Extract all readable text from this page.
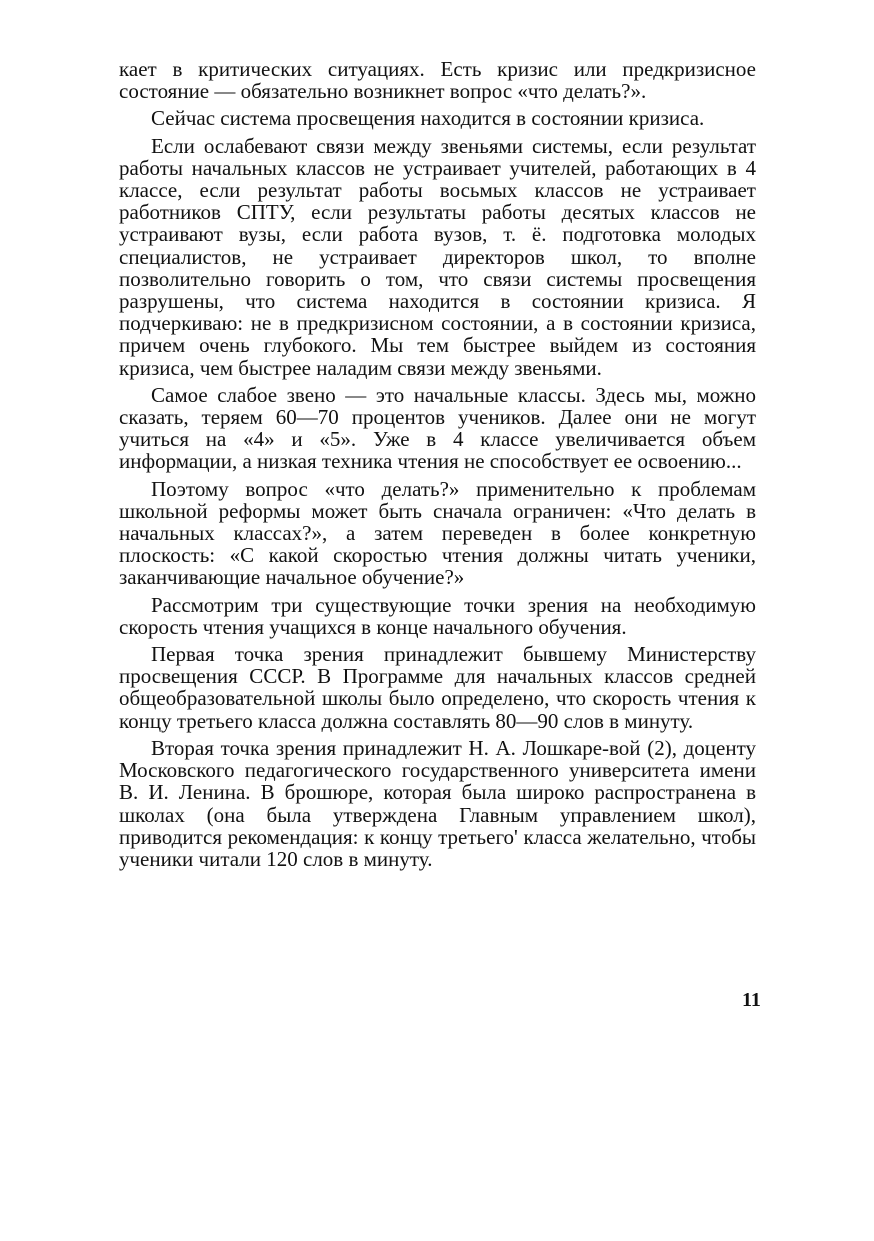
кает в критических ситуациях. Есть кризис или предкризисное состояние — обязательно возникнет вопрос «что делать?».

Сейчас система просвещения находится в состоянии кризиса.

Если ослабевают связи между звеньями системы, если результат работы начальных классов не устраивает учителей, работающих в 4 классе, если результат работы восьмых классов не устраивает работников СПТУ, если результаты работы десятых классов не устраивают вузы, если работа вузов, т. ё. подготовка молодых специалистов, не устраивает директоров школ, то вполне позволительно говорить о том, что связи системы просвещения разрушены, что система находится в состоянии кризиса. Я подчеркиваю: не в предкризисном состоянии, а в состоянии кризиса, причем очень глубокого. Мы тем быстрее выйдем из состояния кризиса, чем быстрее наладим связи между звеньями.

Самое слабое звено — это начальные классы. Здесь мы, можно сказать, теряем 60—70 процентов учеников. Далее они не могут учиться на «4» и «5». Уже в 4 классе увеличивается объем информации, а низкая техника чтения не способствует ее освоению...

Поэтому вопрос «что делать?» применительно к проблемам школьной реформы может быть сначала ограничен: «Что делать в начальных классах?», а затем переведен в более конкретную плоскость: «С какой скоростью чтения должны читать ученики, заканчивающие начальное обучение?»

Рассмотрим три существующие точки зрения на необходимую скорость чтения учащихся в конце начального обучения.

Первая точка зрения принадлежит бывшему Министерству просвещения СССР. В Программе для начальных классов средней общеобразовательной школы было определено, что скорость чтения к концу третьего класса должна составлять 80—90 слов в минуту.

Вторая точка зрения принадлежит Н. А. Лошкаре-вой (2), доценту Московского педагогического государственного университета имени В. И. Ленина. В брошюре, которая была широко распространена в школах (она была утверждена Главным управлением школ), приводится рекомендация: к концу третьего' класса желательно, чтобы ученики читали 120 слов в минуту.

11
